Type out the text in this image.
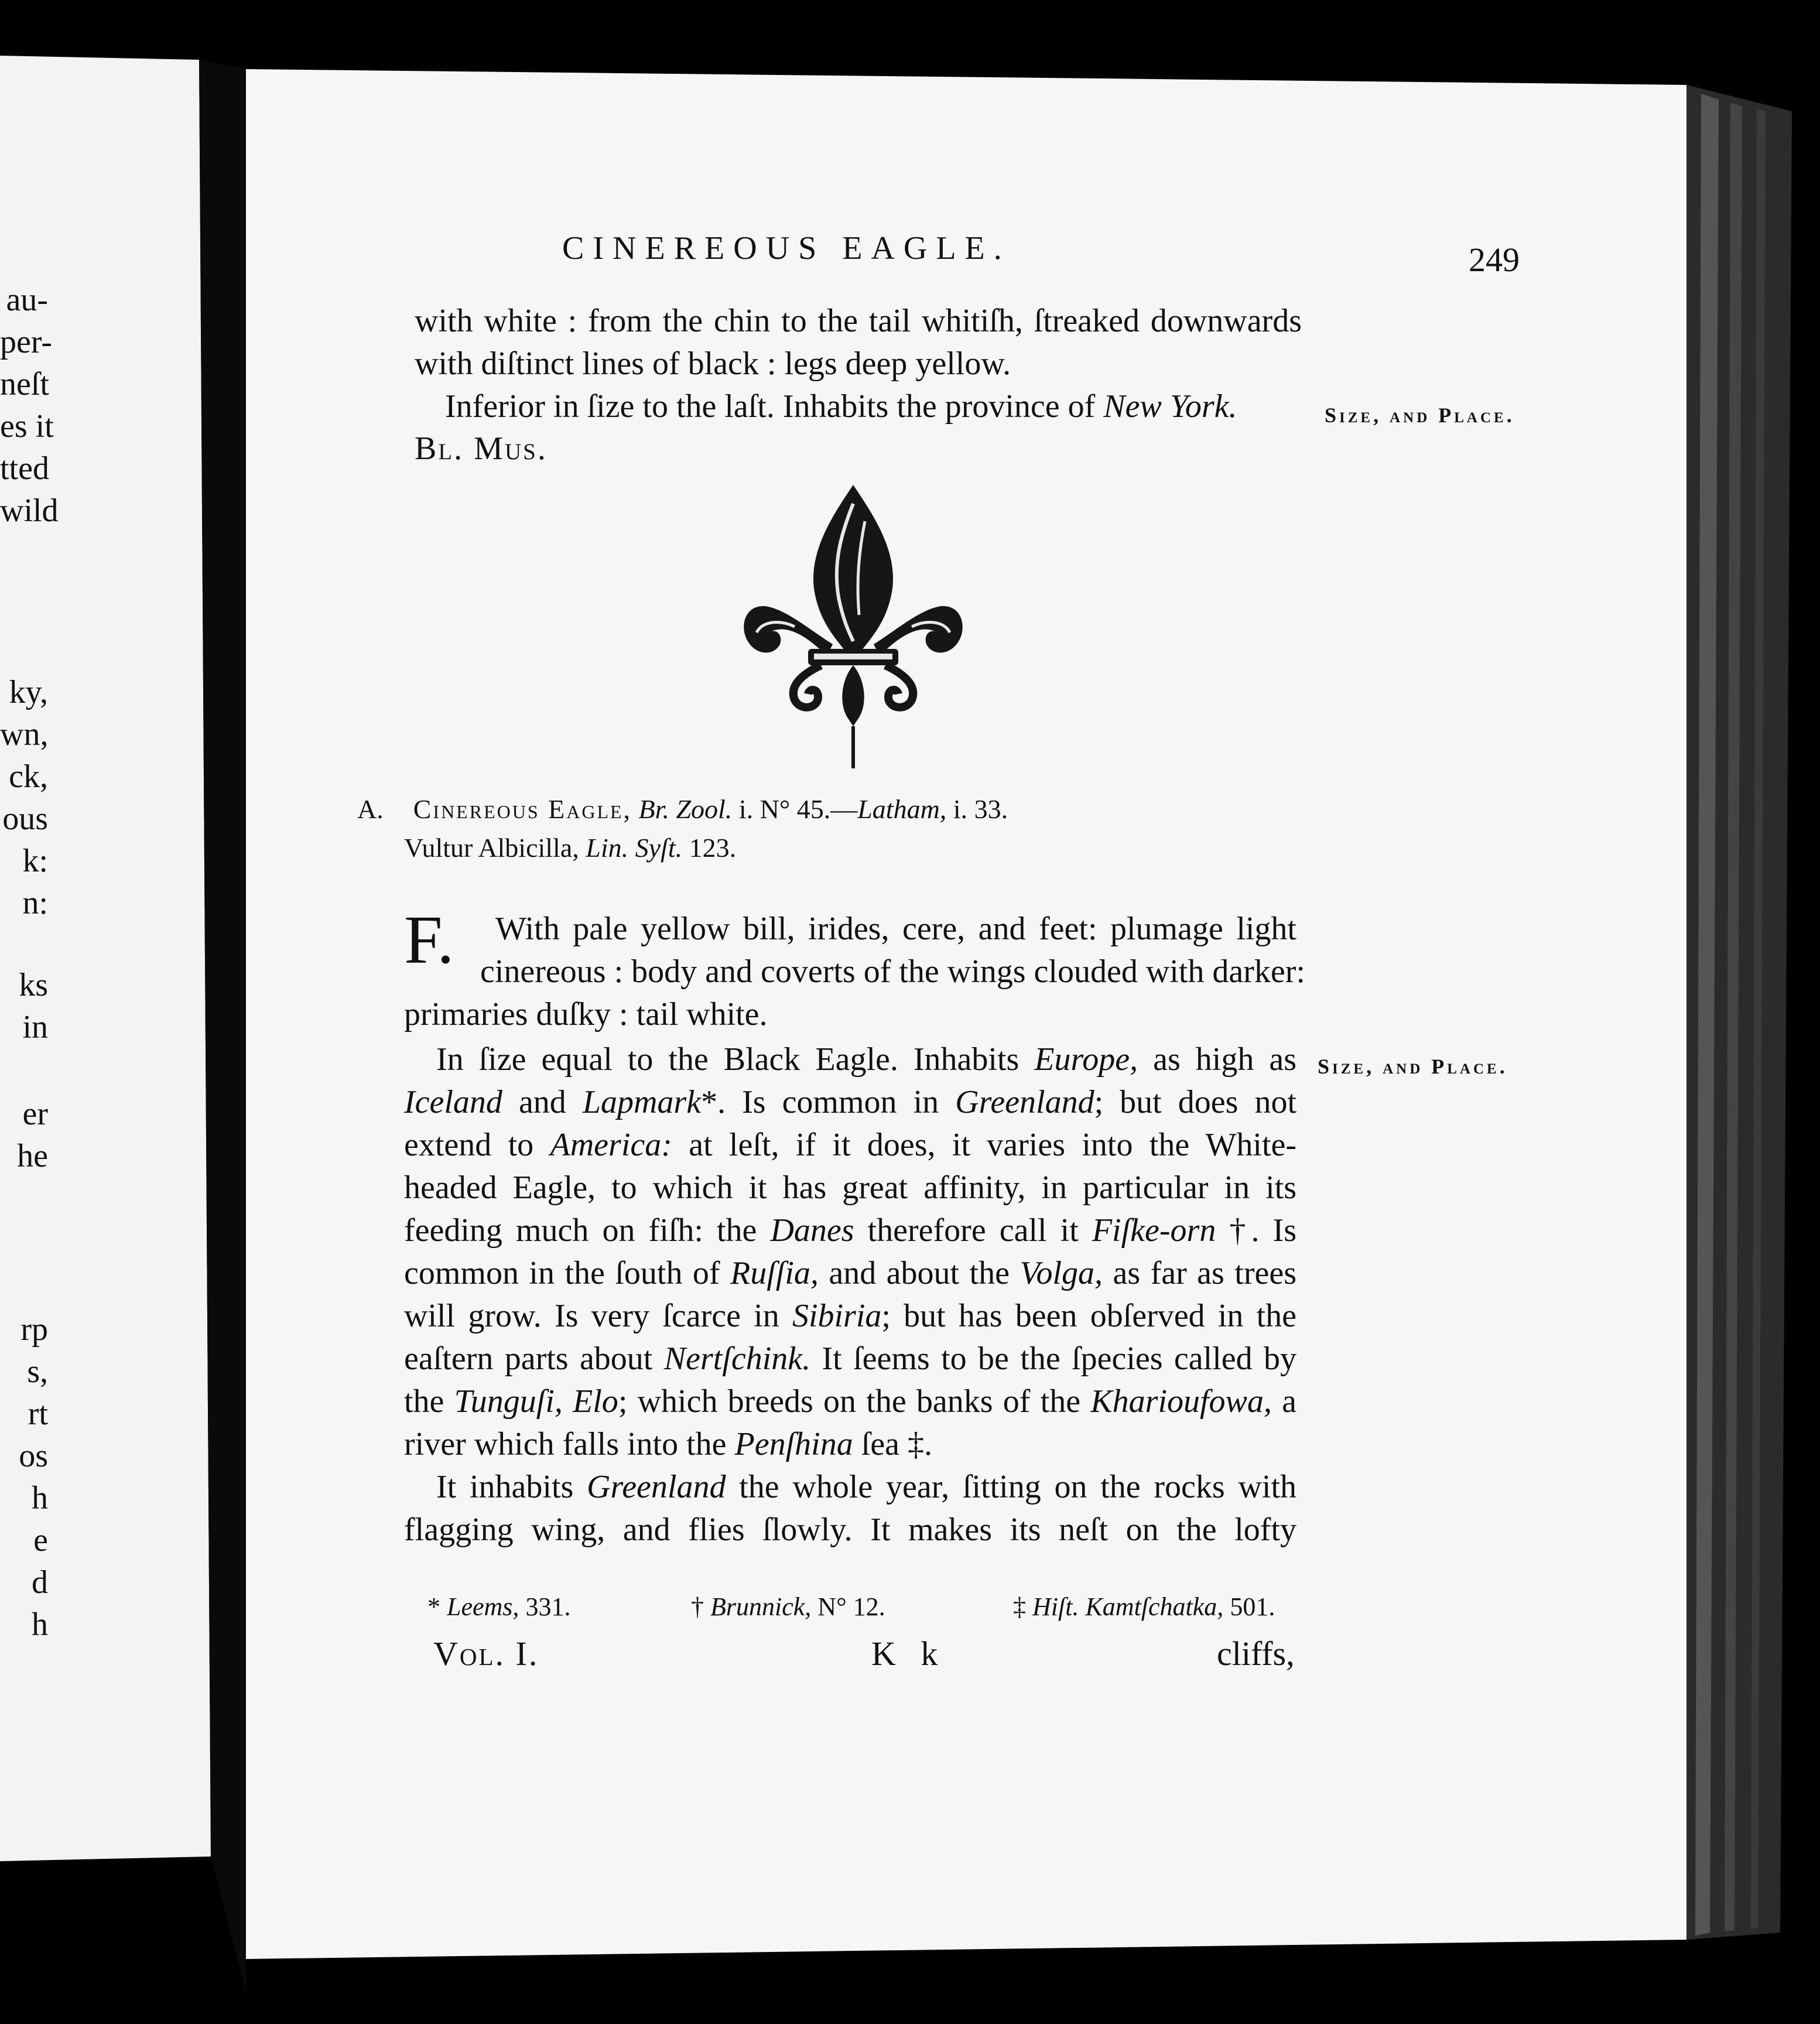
au-
per-
neſt
es it
tted
wild
ky,
wn,
ck,
ous
k:
n:
ks
in
er
he
rp
s,
rt
os
h
e
d
h
CINEREOUS EAGLE.	249
with white : from the chin to the tail whitiſh, ſtreaked downwards
with diſtinct lines of black : legs deep yellow.
Inferior in ſize to the laſt. Inhabits the province of New York.
Bl. Mus.
Size, and Place.
A. Cinereous Eagle, Br. Zool. i. N° 45.—Latham, i. 33.
Vultur Albicilla, Lin. Syſt. 123.
F. With pale yellow bill, irides, cere, and feet: plumage light
cinereous : body and coverts of the wings clouded with darker:
primaries duſky : tail white.
Size, and Place.
In ſize equal to the Black Eagle. Inhabits Europe, as high as
Iceland and Lapmark*. Is common in Greenland; but does not
extend to America: at leſt, if it does, it varies into the White-
headed Eagle, to which it has great affinity, in particular in its
feeding much on fiſh: the Danes therefore call it Fiſke-orn †. Is
common in the ſouth of Ruſſia, and about the Volga, as far as trees
will grow. Is very ſcarce in Sibiria; but has been obſerved in the
eaſtern parts about Nertſchink. It ſeems to be the ſpecies called by
the Tunguſi, Elo; which breeds on the banks of the Kharioufowa, a
river which falls into the Penſhina ſea ‡.
It inhabits Greenland the whole year, ſitting on the rocks with
flagging wing, and flies ſlowly. It makes its neſt on the lofty
* Leems, 331.	† Brunnick, N° 12.	‡ Hiſt. Kamtſchatka, 501.
Vol. I.	K k	cliffs,
